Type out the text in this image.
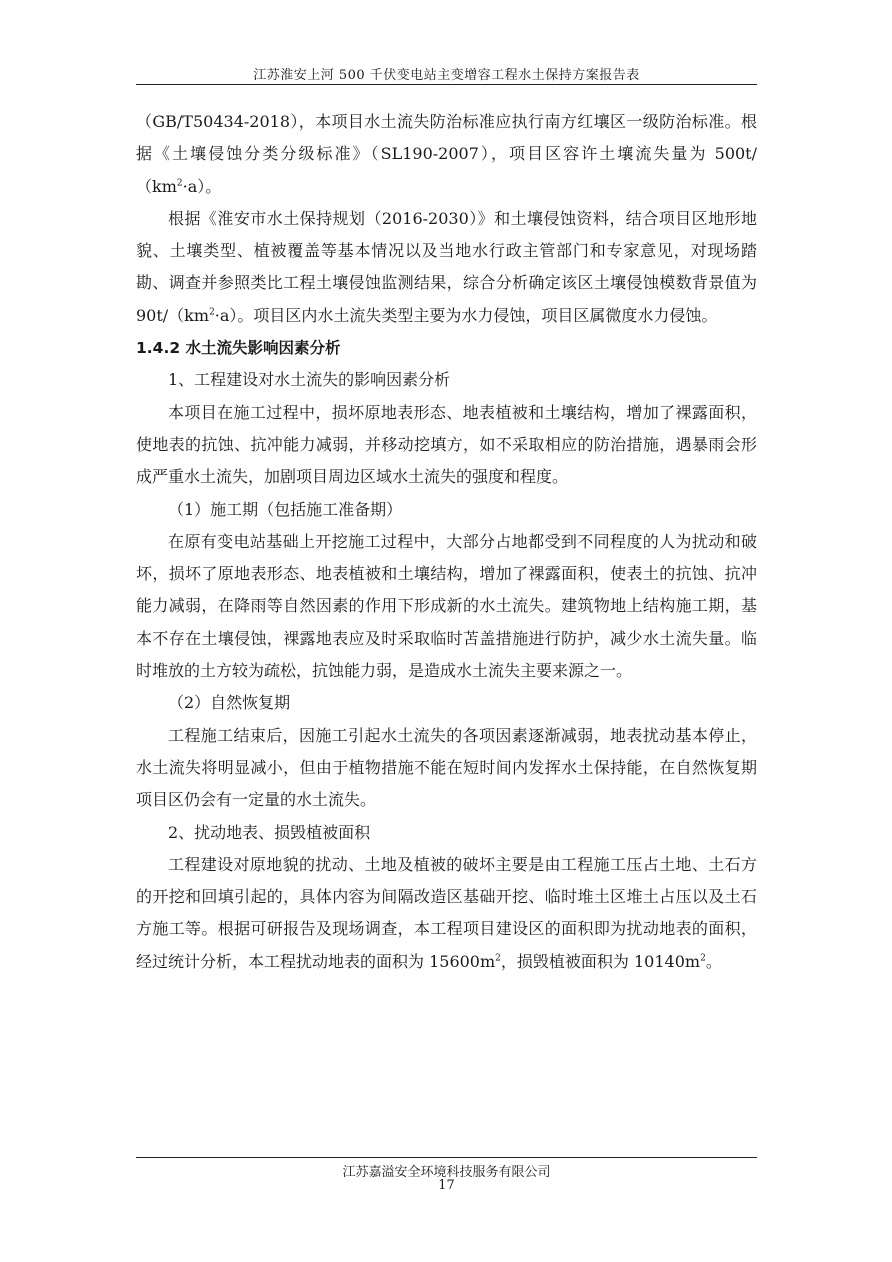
江苏淮安上河 500 千伏变电站主变增容工程水土保持方案报告表

（GB/T50434-2018），本项目水土流失防治标准应执行南方红壤区一级防治标准。根据《土壤侵蚀分类分级标准》（SL190-2007），项目区容许土壤流失量为 $500t/(km^2\cdot a)$。

根据《淮安市水土保持规划（2016-2030）》和土壤侵蚀资料，结合项目区地形地貌、土壤类型、植被覆盖等基本情况以及当地水行政主管部门和专家意见，对现场踏勘、调查并参照类比工程土壤侵蚀监测结果，综合分析确定该区土壤侵蚀模数背景值为 $90t/(km^2\cdot a)$。项目区内水土流失类型主要为水力侵蚀，项目区属微度水力侵蚀。

1.4.2 水土流失影响因素分析

1、工程建设对水土流失的影响因素分析

本项目在施工过程中，损坏原地表形态、地表植被和土壤结构，增加了裸露面积，使地表的抗蚀、抗冲能力减弱，并移动挖填方，如不采取相应的防治措施，遇暴雨会形成严重水土流失，加剧项目周边区域水土流失的强度和程度。

（1）施工期（包括施工准备期）

在原有变电站基础上开挖施工过程中，大部分占地都受到不同程度的人为扰动和破坏，损坏了原地表形态、地表植被和土壤结构，增加了裸露面积，使表土的抗蚀、抗冲能力减弱，在降雨等自然因素的作用下形成新的水土流失。建筑物地上结构施工期，基本不存在土壤侵蚀，裸露地表应及时采取临时苫盖措施进行防护，减少水土流失量。临时堆放的土方较为疏松，抗蚀能力弱，是造成水土流失主要来源之一。

（2）自然恢复期

工程施工结束后，因施工引起水土流失的各项因素逐渐减弱，地表扰动基本停止，水土流失将明显减小，但由于植物措施不能在短时间内发挥水土保持能，在自然恢复期项目区仍会有一定量的水土流失。

2、扰动地表、损毁植被面积

工程建设对原地貌的扰动、土地及植被的破坏主要是由工程施工压占土地、土石方的开挖和回填引起的，具体内容为间隔改造区基础开挖、临时堆土区堆土占压以及土石方施工等。根据可研报告及现场调查，本工程项目建设区的面积即为扰动地表的面积，经过统计分析，本工程扰动地表的面积为 $15600m^2$，损毁植被面积为 $10140m^2$。

江苏嘉溢安全环境科技服务有限公司
17
